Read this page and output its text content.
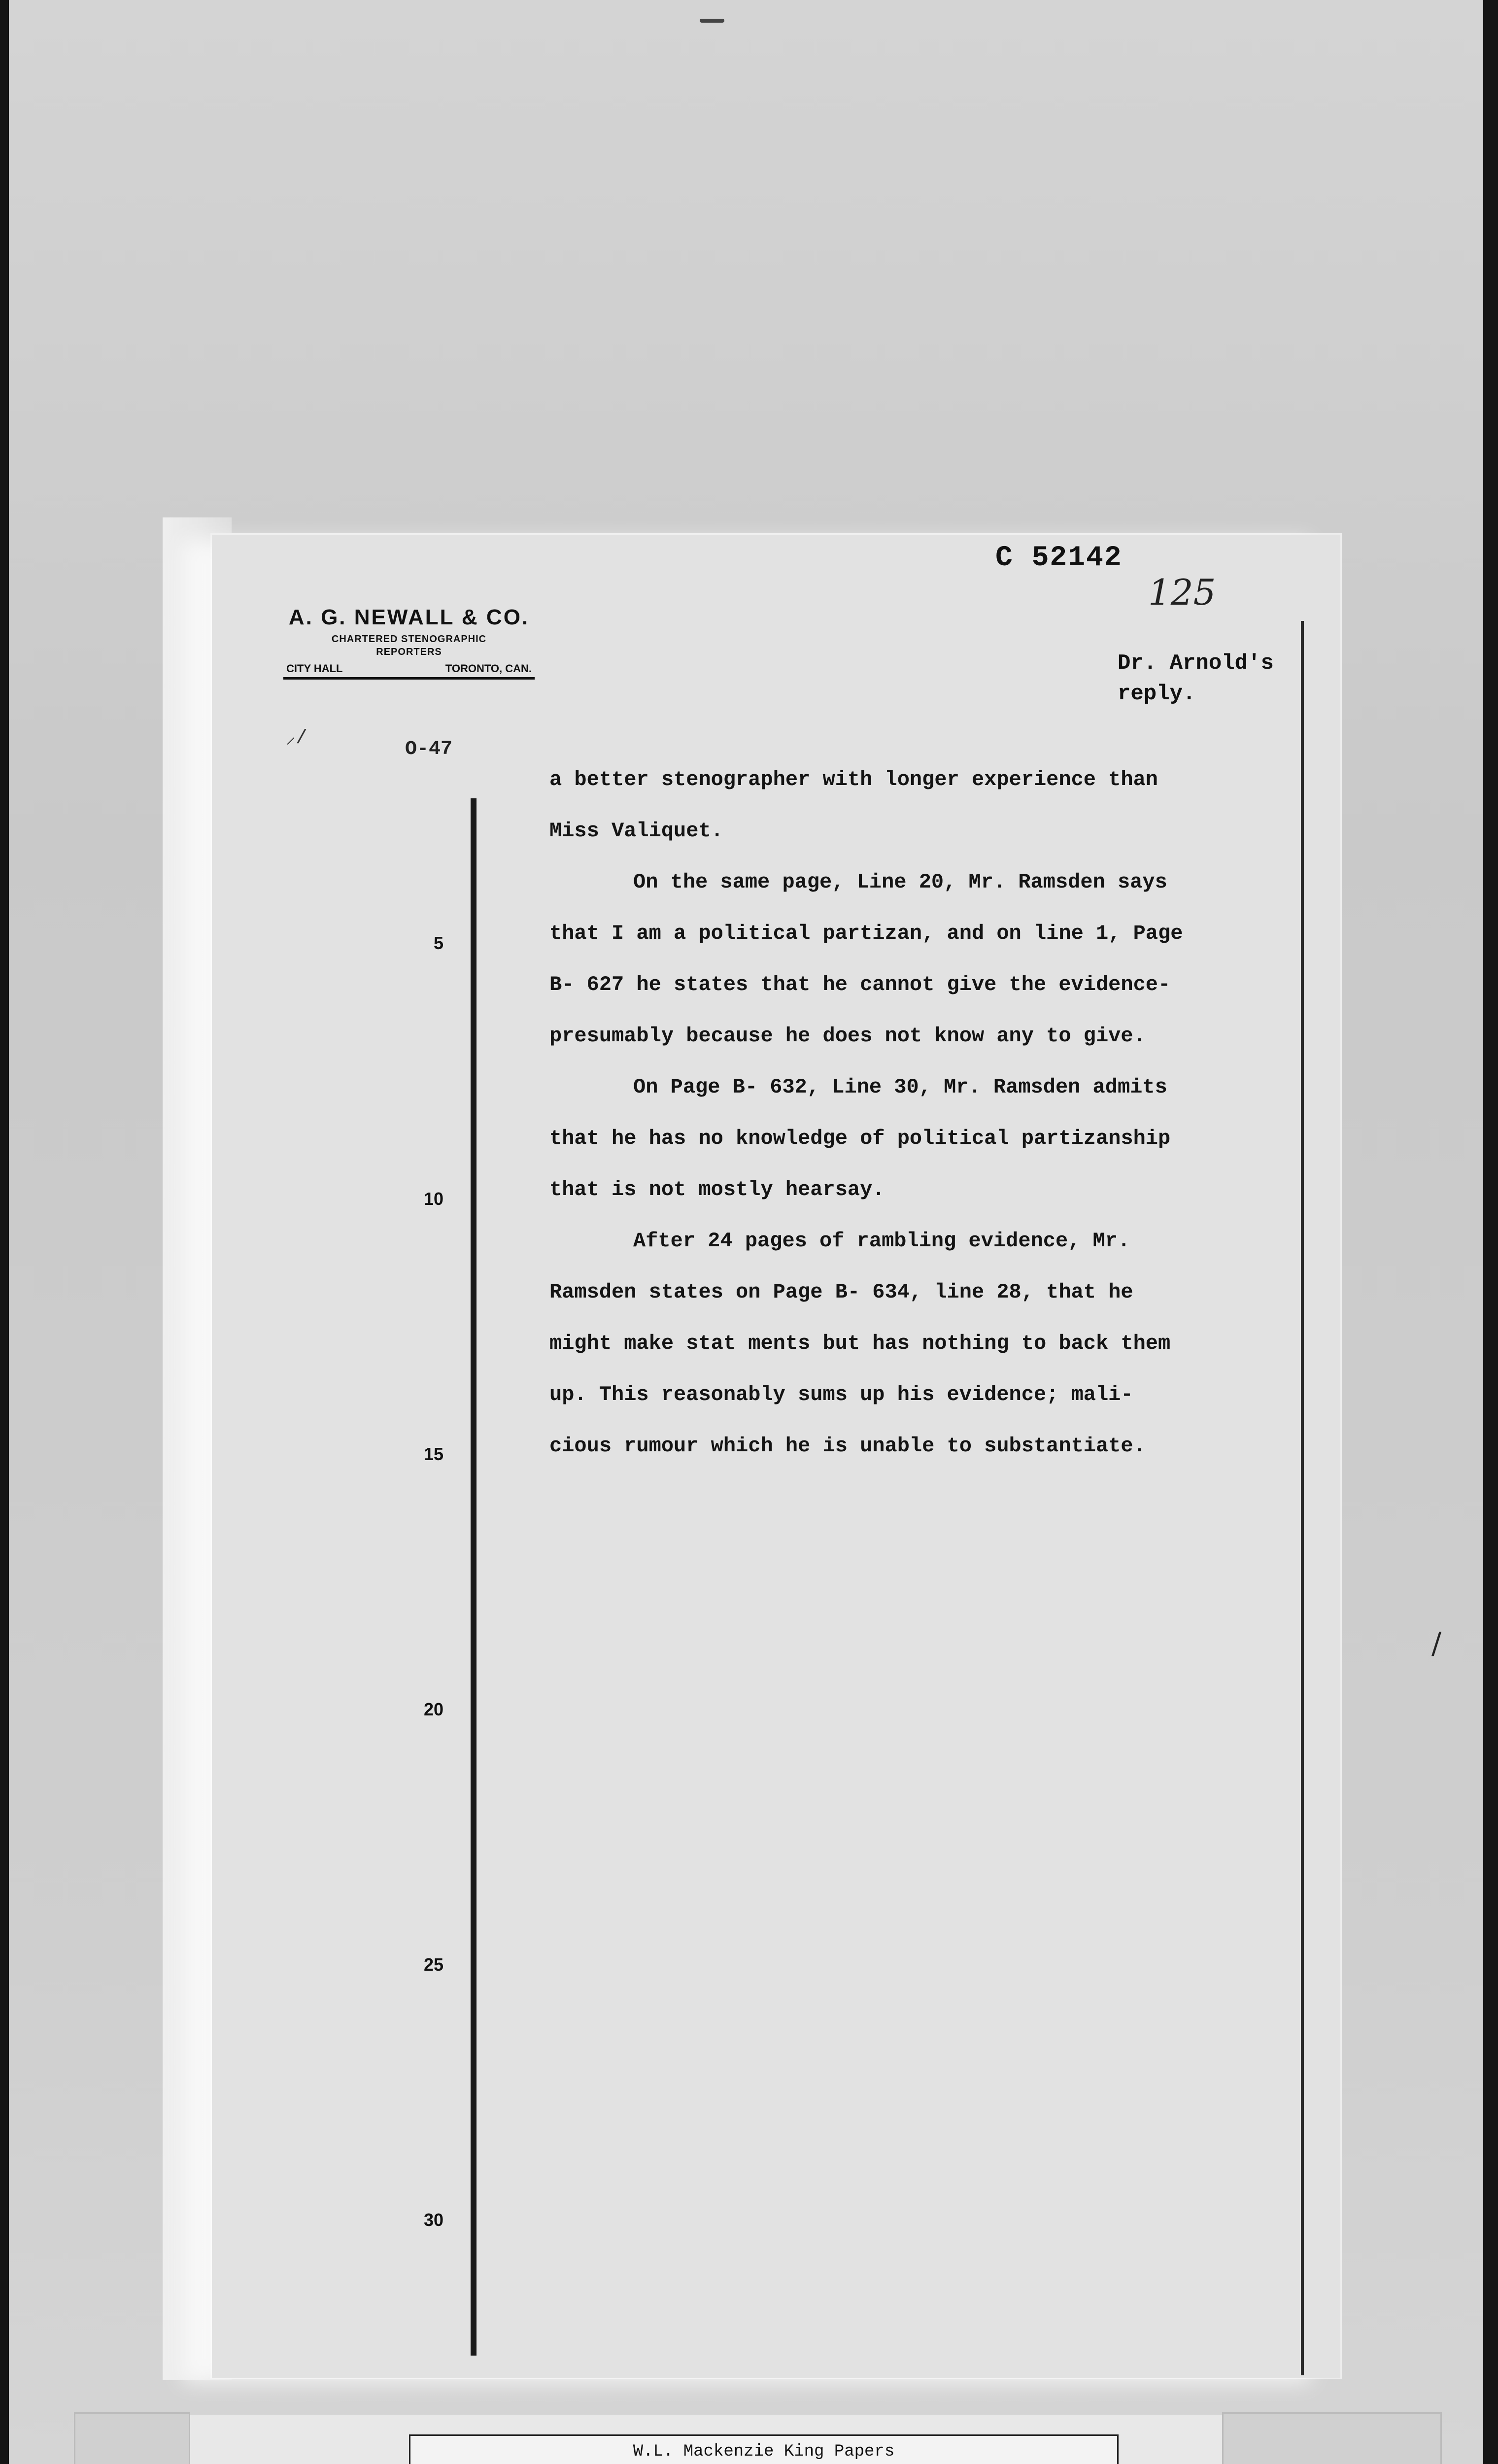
C 52142
125
A. G. NEWALL & CO.
CHARTERED STENOGRAPHIC
REPORTERS
CITY HALL	TORONTO, CAN.	Dr. Arnold's
reply.
⸝/	O-47
5
10
15
20
25
30

a better stenographer with longer experience than
Miss Valiquet.

On the same page, Line 20, Mr. Ramsden says
that I am a political partizan, and on line 1, Page
B- 627 he states that he cannot give the evidence-
presumably because he does not know any to give.

On Page B- 632, Line 30, Mr. Ramsden admits
that he has no knowledge of political partizanship
that is not mostly hearsay.

After 24 pages of rambling evidence, Mr.
Ramsden states on Page B- 634, line 28, that he
might make stat ments but has nothing to back them
up. This reasonably sums up his evidence; mali-
cious rumour which he is unable to substantiate.

/
W.L. Mackenzie King Papers
